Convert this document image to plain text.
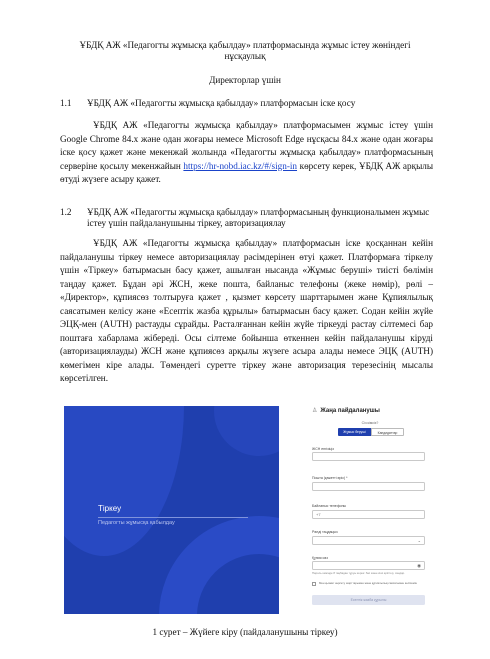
ҰБДҚ АЖ «Педагогты жұмысқа қабылдау» платформасында жұмыс істеу жөніндегі нұсқаулық
Директорлар үшін
1.1 ҰБДҚ АЖ «Педагогты жұмысқа қабылдау» платформасын іске қосу
ҰБДҚ АЖ «Педагогты жұмысқа қабылдау» платформасымен жұмыс істеу үшін Google Chrome 84.x және одан жоғары немесе Microsoft Edge нұсқасы 84.x және одан жоғары іске қосу қажет және мекенжай жолында «Педагогты жұмысқа қабылдау» платформасының серверіне қосылу мекенжайын https://hr-nobd.iac.kz/#/sign-in көрсету керек, ҰБДҚ АЖ арқылы өтуді жүзеге асыру қажет.
1.2 ҰБДҚ АЖ «Педагогты жұмысқа қабылдау» платформасының функционалымен жұмыс істеу үшін пайдаланушыны тіркеу, авторизациялау
ҰБДҚ АЖ «Педагогты жұмысқа қабылдау» платформасын іске қосқаннан кейін пайдаланушы тіркеу немесе авторизациялау рәсімдерінен өтуі қажет. Платформаға тіркелу үшін «Тіркеу» батырмасын басу қажет, ашылған нысанда «Жұмыс беруші» тиісті бөлімін таңдау қажет. Бұдан әрі ЖСН, жеке пошта, байланыс телефоны (жеке нөмір), рөлі – «Директор», құпиясөз толтыруға қажет , қызмет көрсету шарттарымен және Құпиялылық саясатымен келісу және «Есептік жазба құрылы» батырмасын басу қажет. Содан кейін жүйе ЭЦҚ-мен (AUTH) растауды сұрайды. Расталғаннан кейін жүйе тіркеуді растау сілтемесі бар поштаға хабарлама жібереді. Осы сілтеме бойынша өткеннен кейін пайдаланушы кіруді (авторизациялауды) ЖСН және құпиясөз арқылы жүзеге асыра алады немесе ЭЦҚ (AUTH) көмегімен кіре алады. Төмендегі суретте тіркеу және авторизация терезесінің мысалы көрсетілген.
Тіркеу
Педагогты жұмысқа қабылдау
♙ Жаңа пайдаланушы
Сіз кімсіз?
Жұмыс беруші	Кандидаттар
ЖСН енгізіңіз
Пошта (қажетті өріс) *
Байланыс телефоны
+7
Рөлді таңдаңыз
⌄
Құпия сөз
◉
Пароль кемінде 8 таңбадан тұруы керек: бас және кіші әріптер, сандар.
Мен қызмет көрсету шарттарымен және құпиялылық саясатымен келісемін
Есептік жазба құрылы
1 сурет – Жүйеге кіру (пайдаланушыны тіркеу)
